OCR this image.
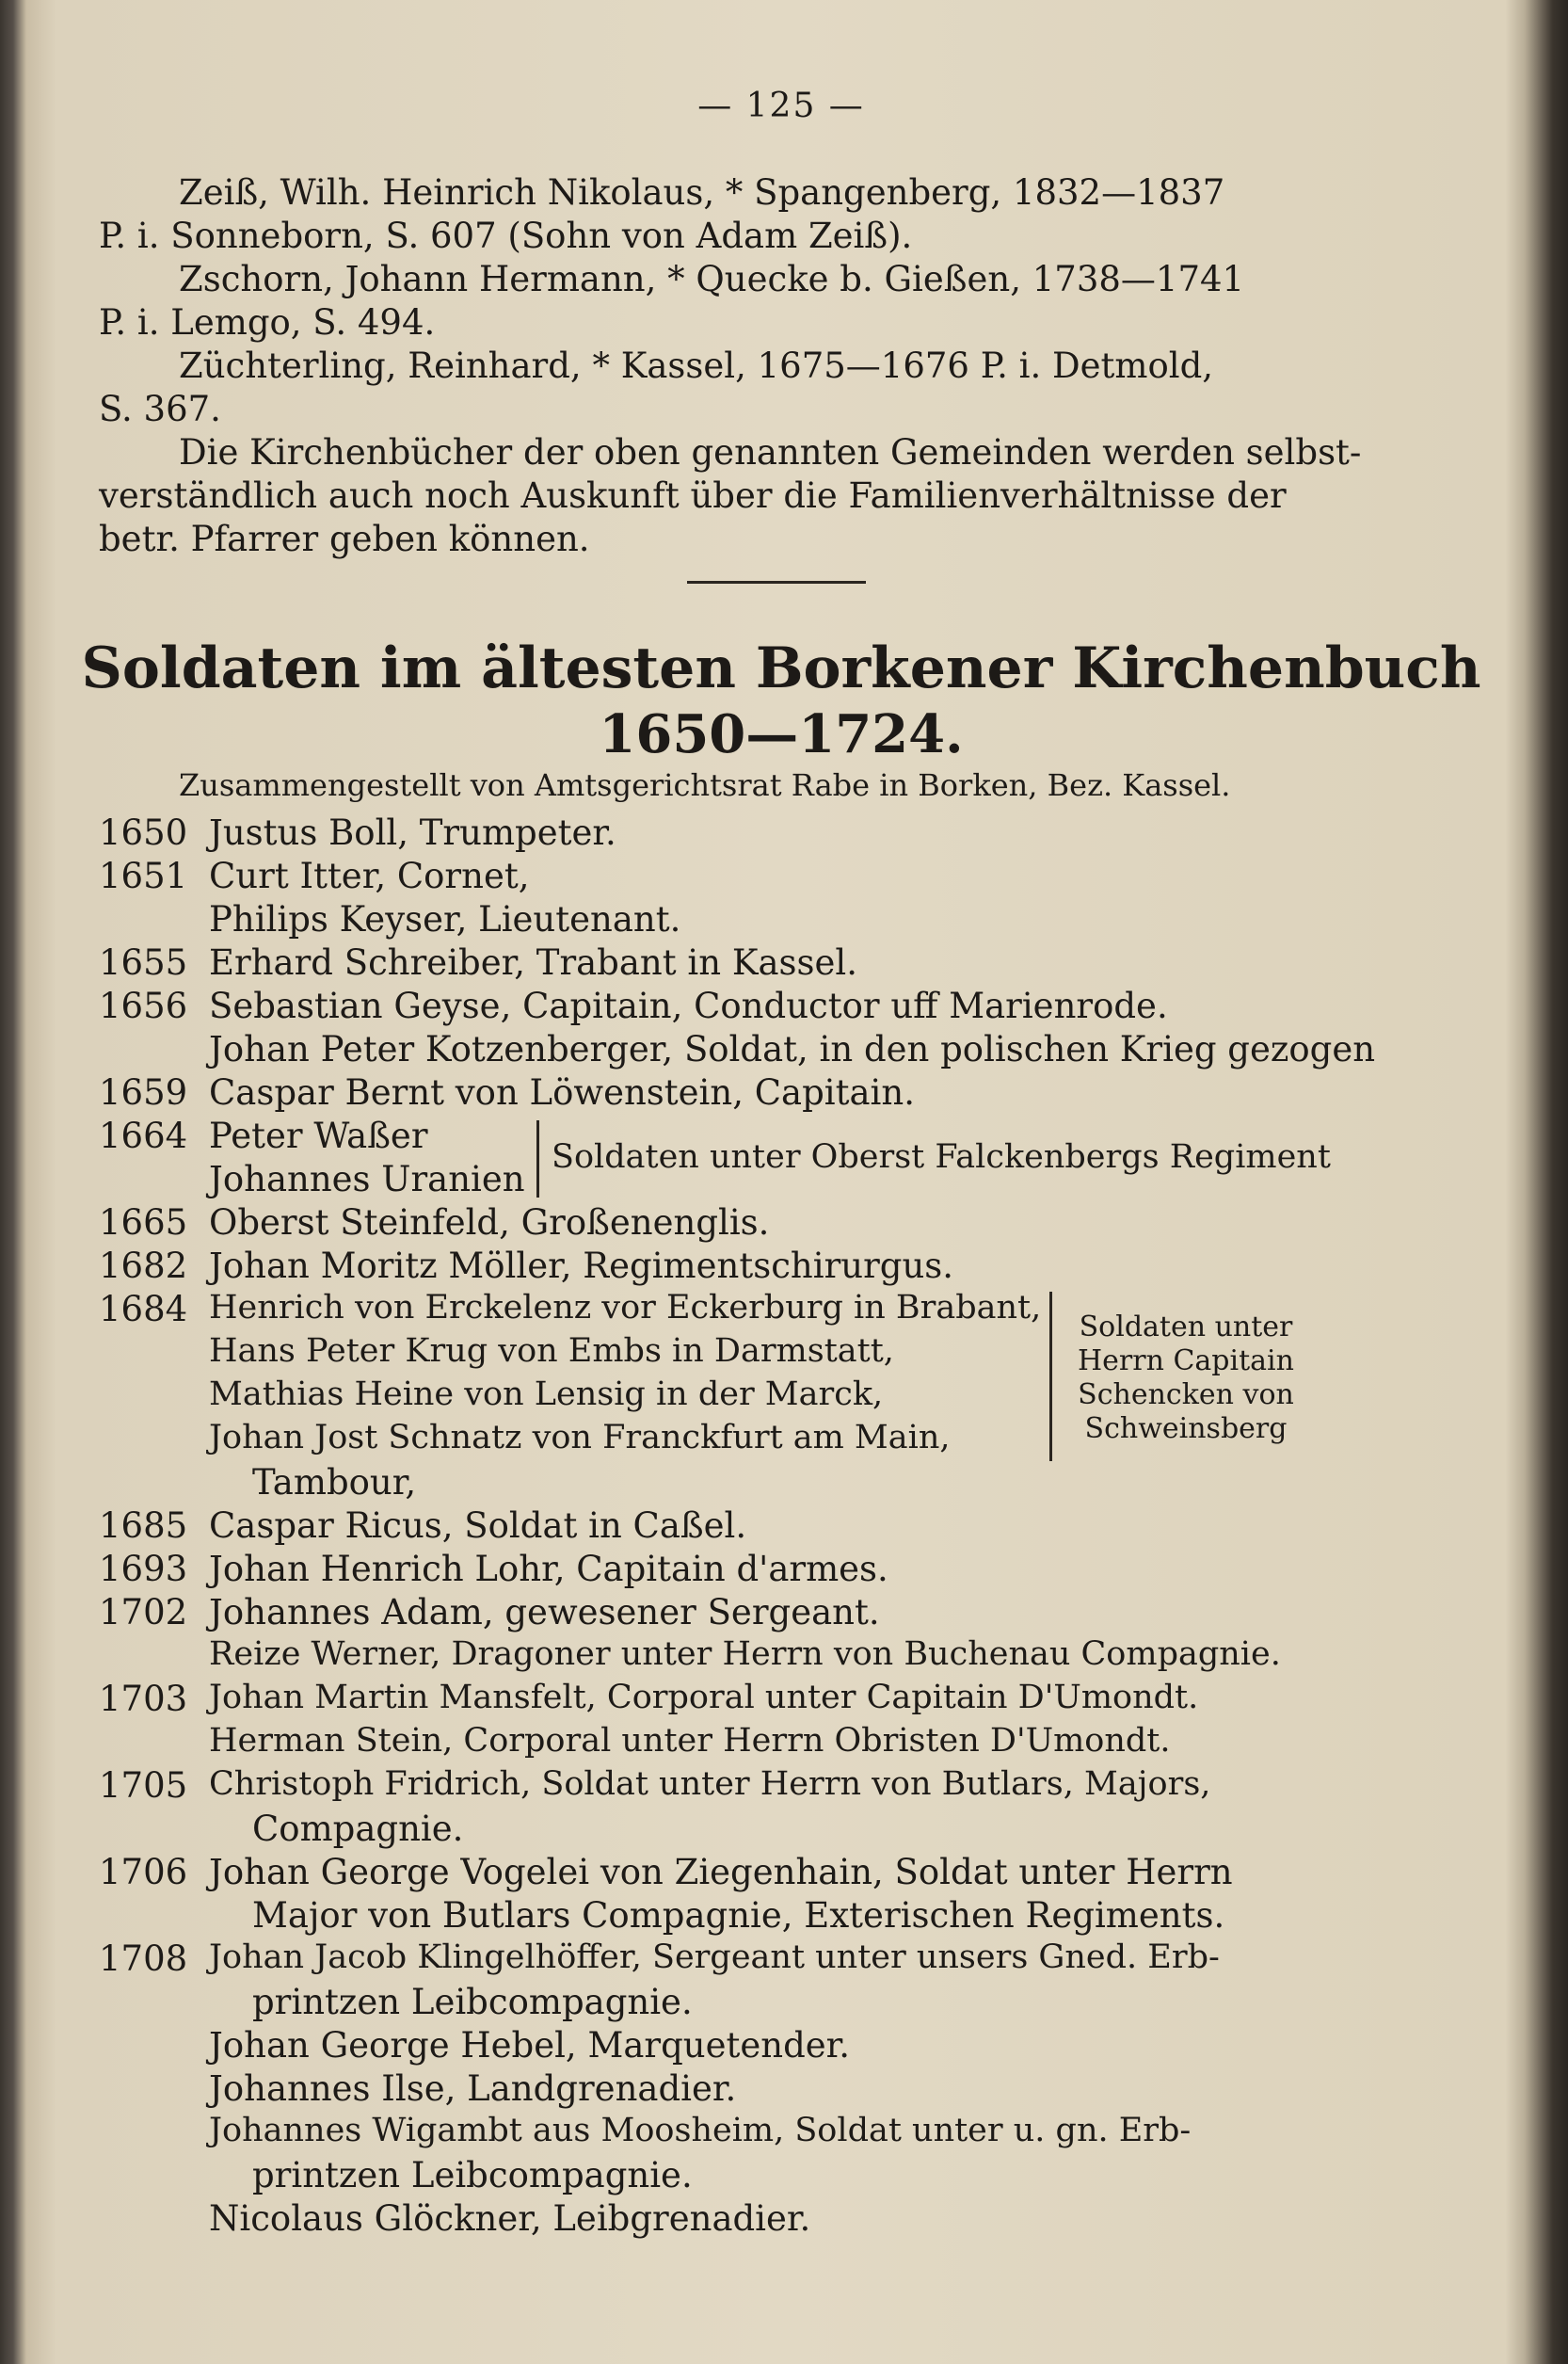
— 125 —
Zeiß, Wilh. Heinrich Nikolaus, * Spangenberg, 1832—1837
P. i. Sonneborn, S. 607 (Sohn von Adam Zeiß).
Zschorn, Johann Hermann, * Quecke b. Gießen, 1738—1741
P. i. Lemgo, S. 494.
Züchterling, Reinhard, * Kassel, 1675—1676 P. i. Detmold,
S. 367.
Die Kirchenbücher der oben genannten Gemeinden werden selbst-
verständlich auch noch Auskunft über die Familienverhältnisse der
betr. Pfarrer geben können.
Soldaten im ältesten Borkener Kirchenbuch
1650—1724.
Zusammengestellt von Amtsgerichtsrat Rabe in Borken, Bez. Kassel.
1650 Justus Boll, Trumpeter.
1651 Curt Itter, Cornet,
Philips Keyser, Lieutenant.
1655 Erhard Schreiber, Trabant in Kassel.
1656 Sebastian Geyse, Capitain, Conductor uff Marienrode.
Johan Peter Kotzenberger, Soldat, in den polischen Krieg gezogen
1659 Caspar Bernt von Löwenstein, Capitain.
1664 Peter Waßer
Johannes Uranien
Soldaten unter Oberst Falckenbergs Regiment
1665 Oberst Steinfeld, Großenenglis.
1682 Johan Moritz Möller, Regimentschirurgus.
1684 Henrich von Erckelenz vor Eckerburg in Brabant,
Hans Peter Krug von Embs in Darmstatt,
Mathias Heine von Lensig in der Marck,
Johan Jost Schnatz von Franckfurt am Main,
Tambour,
Soldaten unter
Herrn Capitain
Schencken von
Schweinsberg
1685 Caspar Ricus, Soldat in Caßel.
1693 Johan Henrich Lohr, Capitain d'armes.
1702 Johannes Adam, gewesener Sergeant.
Reize Werner, Dragoner unter Herrn von Buchenau Compagnie.
1703 Johan Martin Mansfelt, Corporal unter Capitain D'Umondt.
Herman Stein, Corporal unter Herrn Obristen D'Umondt.
1705 Christoph Fridrich, Soldat unter Herrn von Butlars, Majors,
Compagnie.
1706 Johan George Vogelei von Ziegenhain, Soldat unter Herrn
Major von Butlars Compagnie, Exterischen Regiments.
1708 Johan Jacob Klingelhöffer, Sergeant unter unsers Gned. Erb-
printzen Leibcompagnie.
Johan George Hebel, Marquetender.
Johannes Ilse, Landgrenadier.
Johannes Wigambt aus Moosheim, Soldat unter u. gn. Erb-
printzen Leibcompagnie.
Nicolaus Glöckner, Leibgrenadier.
